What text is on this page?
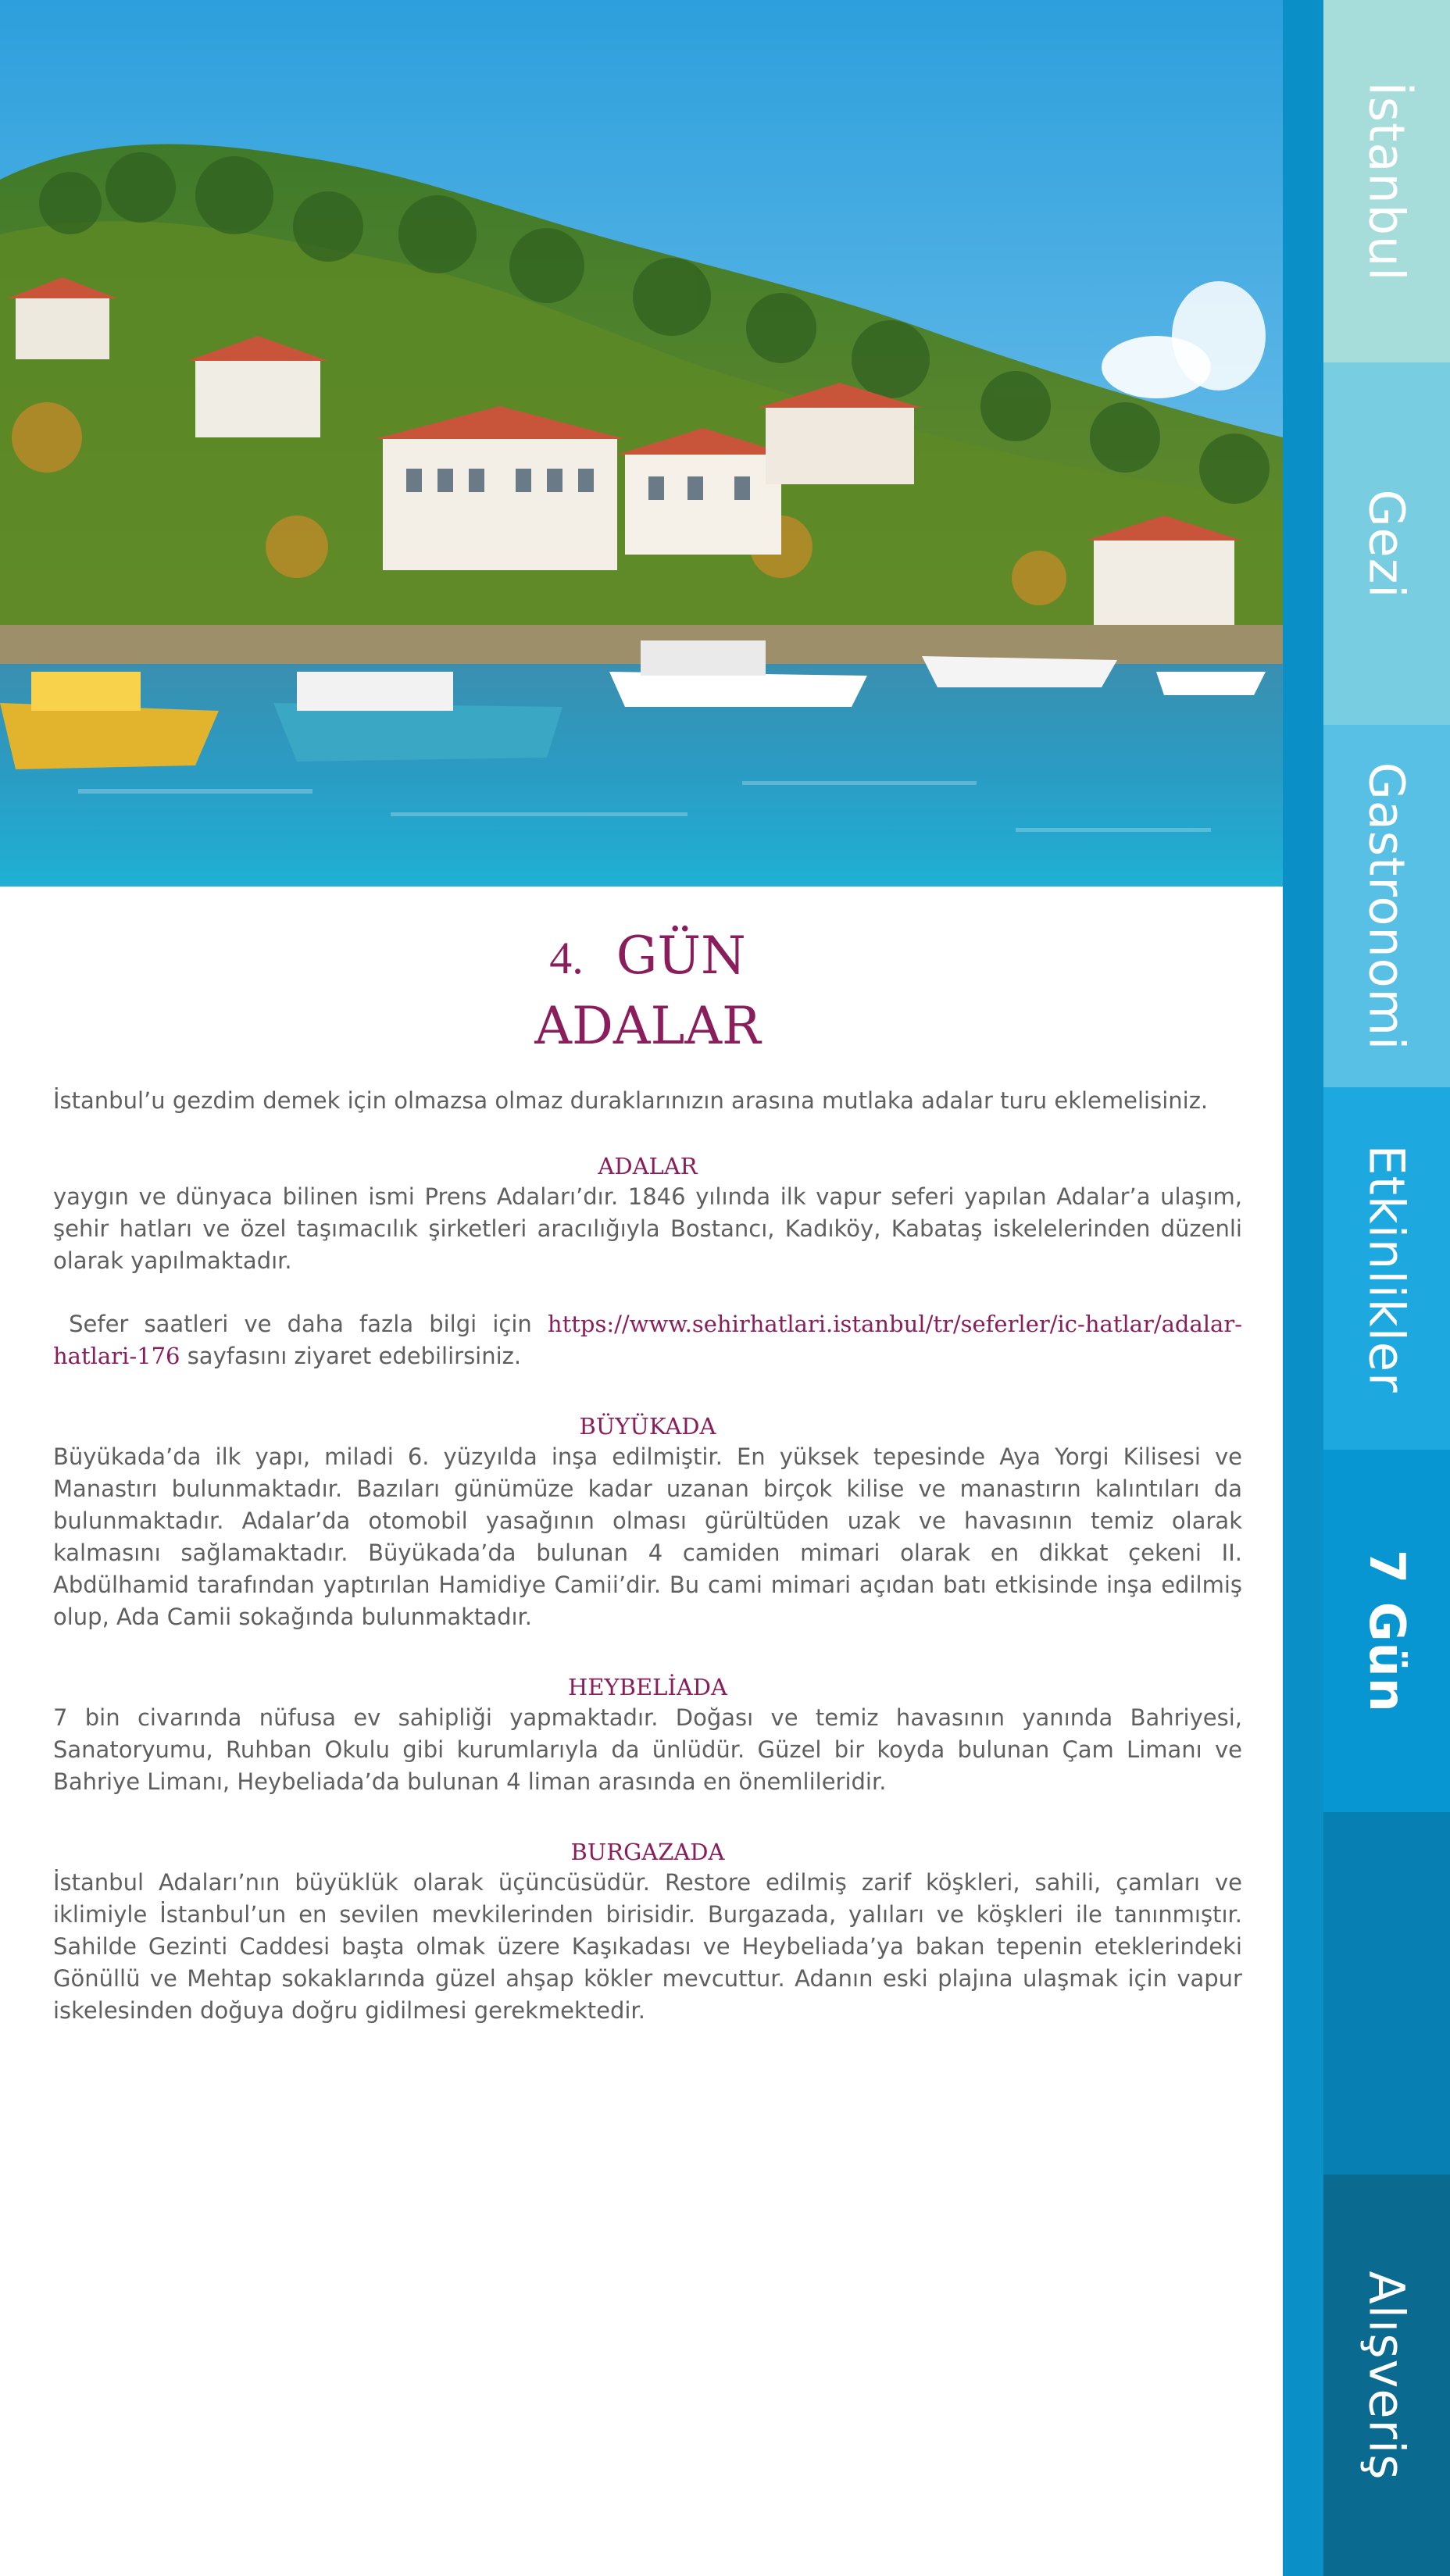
İstanbul
Gezi
Gastronomi
Etkinlikler
7 Gün
Alışveriş
4. GÜN
ADALAR

İstanbul’u gezdim demek için olmazsa olmaz duraklarınızın arasına mutlaka adalar turu eklemelisiniz.

ADALAR
yaygın ve dünyaca bilinen ismi Prens Adaları’dır. 1846 yılında ilk vapur seferi yapılan Adalar’a ulaşım, şehir hatları ve özel taşımacılık şirketleri aracılığıyla Bostancı, Kadıköy, Kabataş iskelelerinden düzenli olarak yapılmaktadır.
Sefer saatleri ve daha fazla bilgi için https://www.sehirhatlari.istanbul/tr/seferler/ic-hatlar/adalar-hatlari-176 sayfasını ziyaret edebilirsiniz.
BÜYÜKADA
Büyükada’da ilk yapı, miladi 6. yüzyılda inşa edilmiştir. En yüksek tepesinde Aya Yorgi Kilisesi ve Manastırı bulunmaktadır. Bazıları günümüze kadar uzanan birçok kilise ve manastırın kalıntıları da bulunmaktadır. Adalar’da otomobil yasağının olması gürültüden uzak ve havasının temiz olarak kalmasını sağlamaktadır. Büyükada’da bulunan 4 camiden mimari olarak en dikkat çekeni II. Abdülhamid tarafından yaptırılan Hamidiye Camii’dir. Bu cami mimari açıdan batı etkisinde inşa edilmiş olup, Ada Camii sokağında bulunmaktadır.
HEYBELİADA
7 bin civarında nüfusa ev sahipliği yapmaktadır. Doğası ve temiz havasının yanında Bahriyesi, Sanatoryumu, Ruhban Okulu gibi kurumlarıyla da ünlüdür. Güzel bir koyda bulunan Çam Limanı ve Bahriye Limanı, Heybeliada’da bulunan 4 liman arasında en önemlileridir.
BURGAZADA
İstanbul Adaları’nın büyüklük olarak üçüncüsüdür. Restore edilmiş zarif köşkleri, sahili, çamları ve iklimiyle İstanbul’un en sevilen mevkilerinden birisidir. Burgazada, yalıları ve köşkleri ile tanınmıştır. Sahilde Gezinti Caddesi başta olmak üzere Kaşıkadası ve Heybeliada’ya bakan tepenin eteklerindeki Gönüllü ve Mehtap sokaklarında güzel ahşap kökler mevcuttur. Adanın eski plajına ulaşmak için vapur iskelesinden doğuya doğru gidilmesi gerekmektedir.
